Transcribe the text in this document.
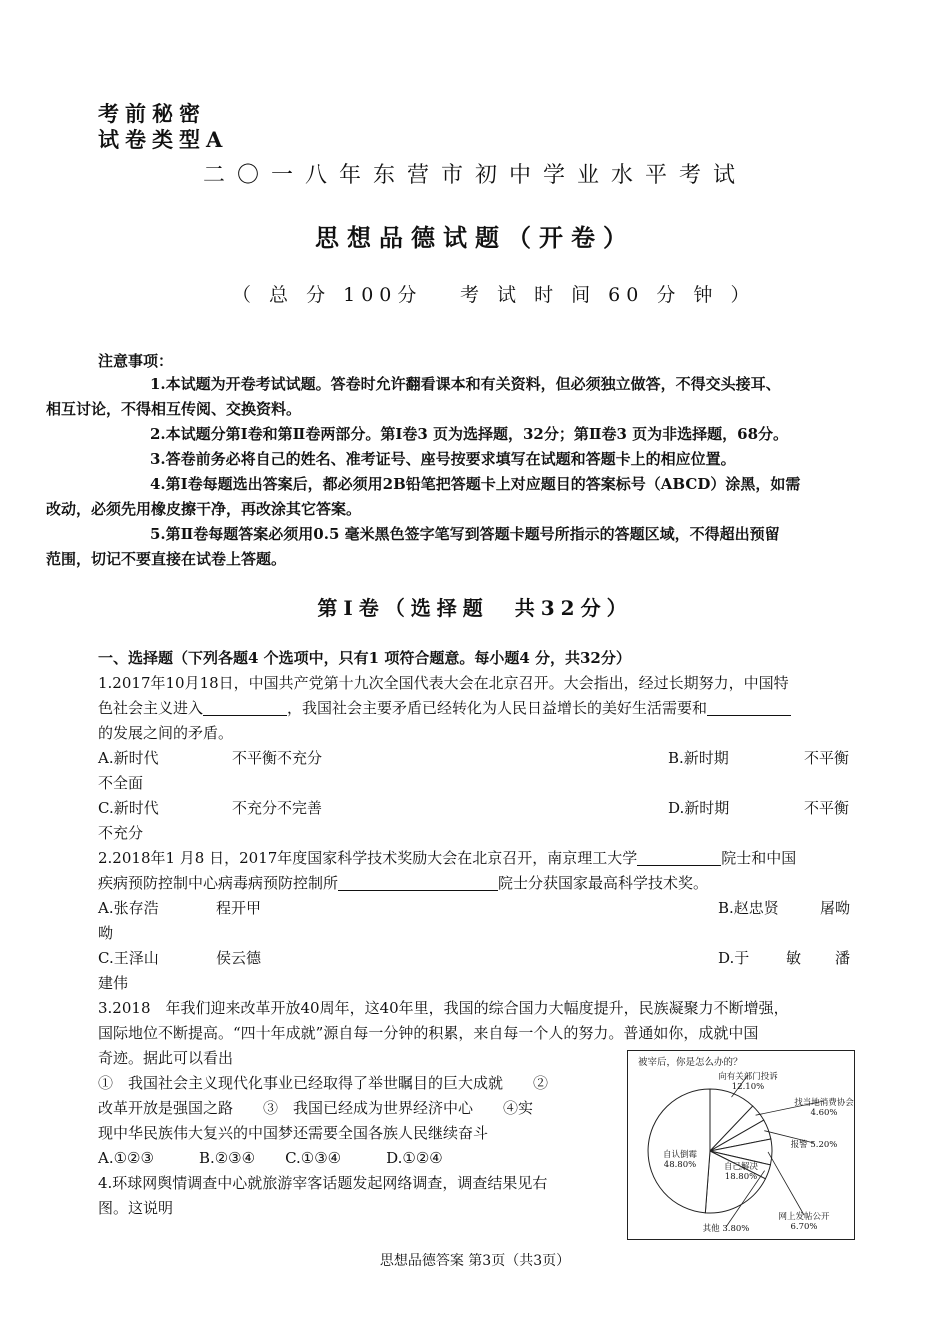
考前秘密
试卷类型A
二〇一八年东营市初中学业水平考试
思想品德试题（开卷）
（ 总 分 100分 考 试 时 间 60 分 钟 ）
注意事项：
1.本试题为开卷考试试题。答卷时允许翻看课本和有关资料，但必须独立做答，不得交头接耳、
相互讨论，不得相互传阅、交换资料。
2.本试题分第Ⅰ卷和第Ⅱ卷两部分。第Ⅰ卷3 页为选择题，32分；第Ⅱ卷3 页为非选择题，68分。
3.答卷前务必将自己的姓名、准考证号、座号按要求填写在试题和答题卡上的相应位置。
4.第Ⅰ卷每题选出答案后，都必须用2B铅笔把答题卡上对应题目的答案标号（ABCD）涂黑，如需
改动，必须先用橡皮擦干净，再改涂其它答案。
5.第Ⅱ卷每题答案必须用0.5 毫米黑色签字笔写到答题卡题号所指示的答题区域，不得超出预留
范围，切记不要直接在试卷上答题。
第Ⅰ卷（选择题　共32分）
一、选择题（下列各题4 个选项中，只有1 项符合题意。每小题4 分，共32分）
1.2017年10月18日，中国共产党第十九次全国代表大会在北京召开。大会指出，经过长期努力，中国特
色社会主义进入	，我国社会主要矛盾已经转化为人民日益增长的美好生活需要和
的发展之间的矛盾。
A.新时代	不平衡不充分	B.新时期	不平衡
不全面
C.新时代	不充分不完善	D.新时期	不平衡
不充分
2.2018年1 月8 日，2017年度国家科学技术奖励大会在北京召开，南京理工大学	院士和中国
疾病预防控制中心病毒病预防控制所	院士分获国家最高科学技术奖。
A.张存浩	程开甲	B.赵忠贤	屠呦
呦
C.王泽山	侯云德	D.于 敏 潘
建伟
3.2018　年我们迎来改革开放40周年，这40年里，我国的综合国力大幅度提升，民族凝聚力不断增强，
国际地位不断提高。“四十年成就”源自每一分钟的积累，来自每一个人的努力。普通如你，成就中国
奇迹。据此可以看出
①　我国社会主义现代化事业已经取得了举世瞩目的巨大成就　　②
改革开放是强国之路　　③　我国已经成为世界经济中心　　④实
现中华民族伟大复兴的中国梦还需要全国各族人民继续奋斗
A.①②③　　　B.②③④　　C.①③④　　　D.①②④
4.环球网舆情调查中心就旅游宰客话题发起网络调查，调查结果见右
图。这说明
被宰后，你是怎么办的？
向有关部门投诉
12.10%
找当地消费协会
4.60%
报警 5.20%
网上发帖公开
6.70%
其他 3.80%
自己解决
18.80%
自认倒霉
48.80%
思想品德答案 第3页（共3页）
